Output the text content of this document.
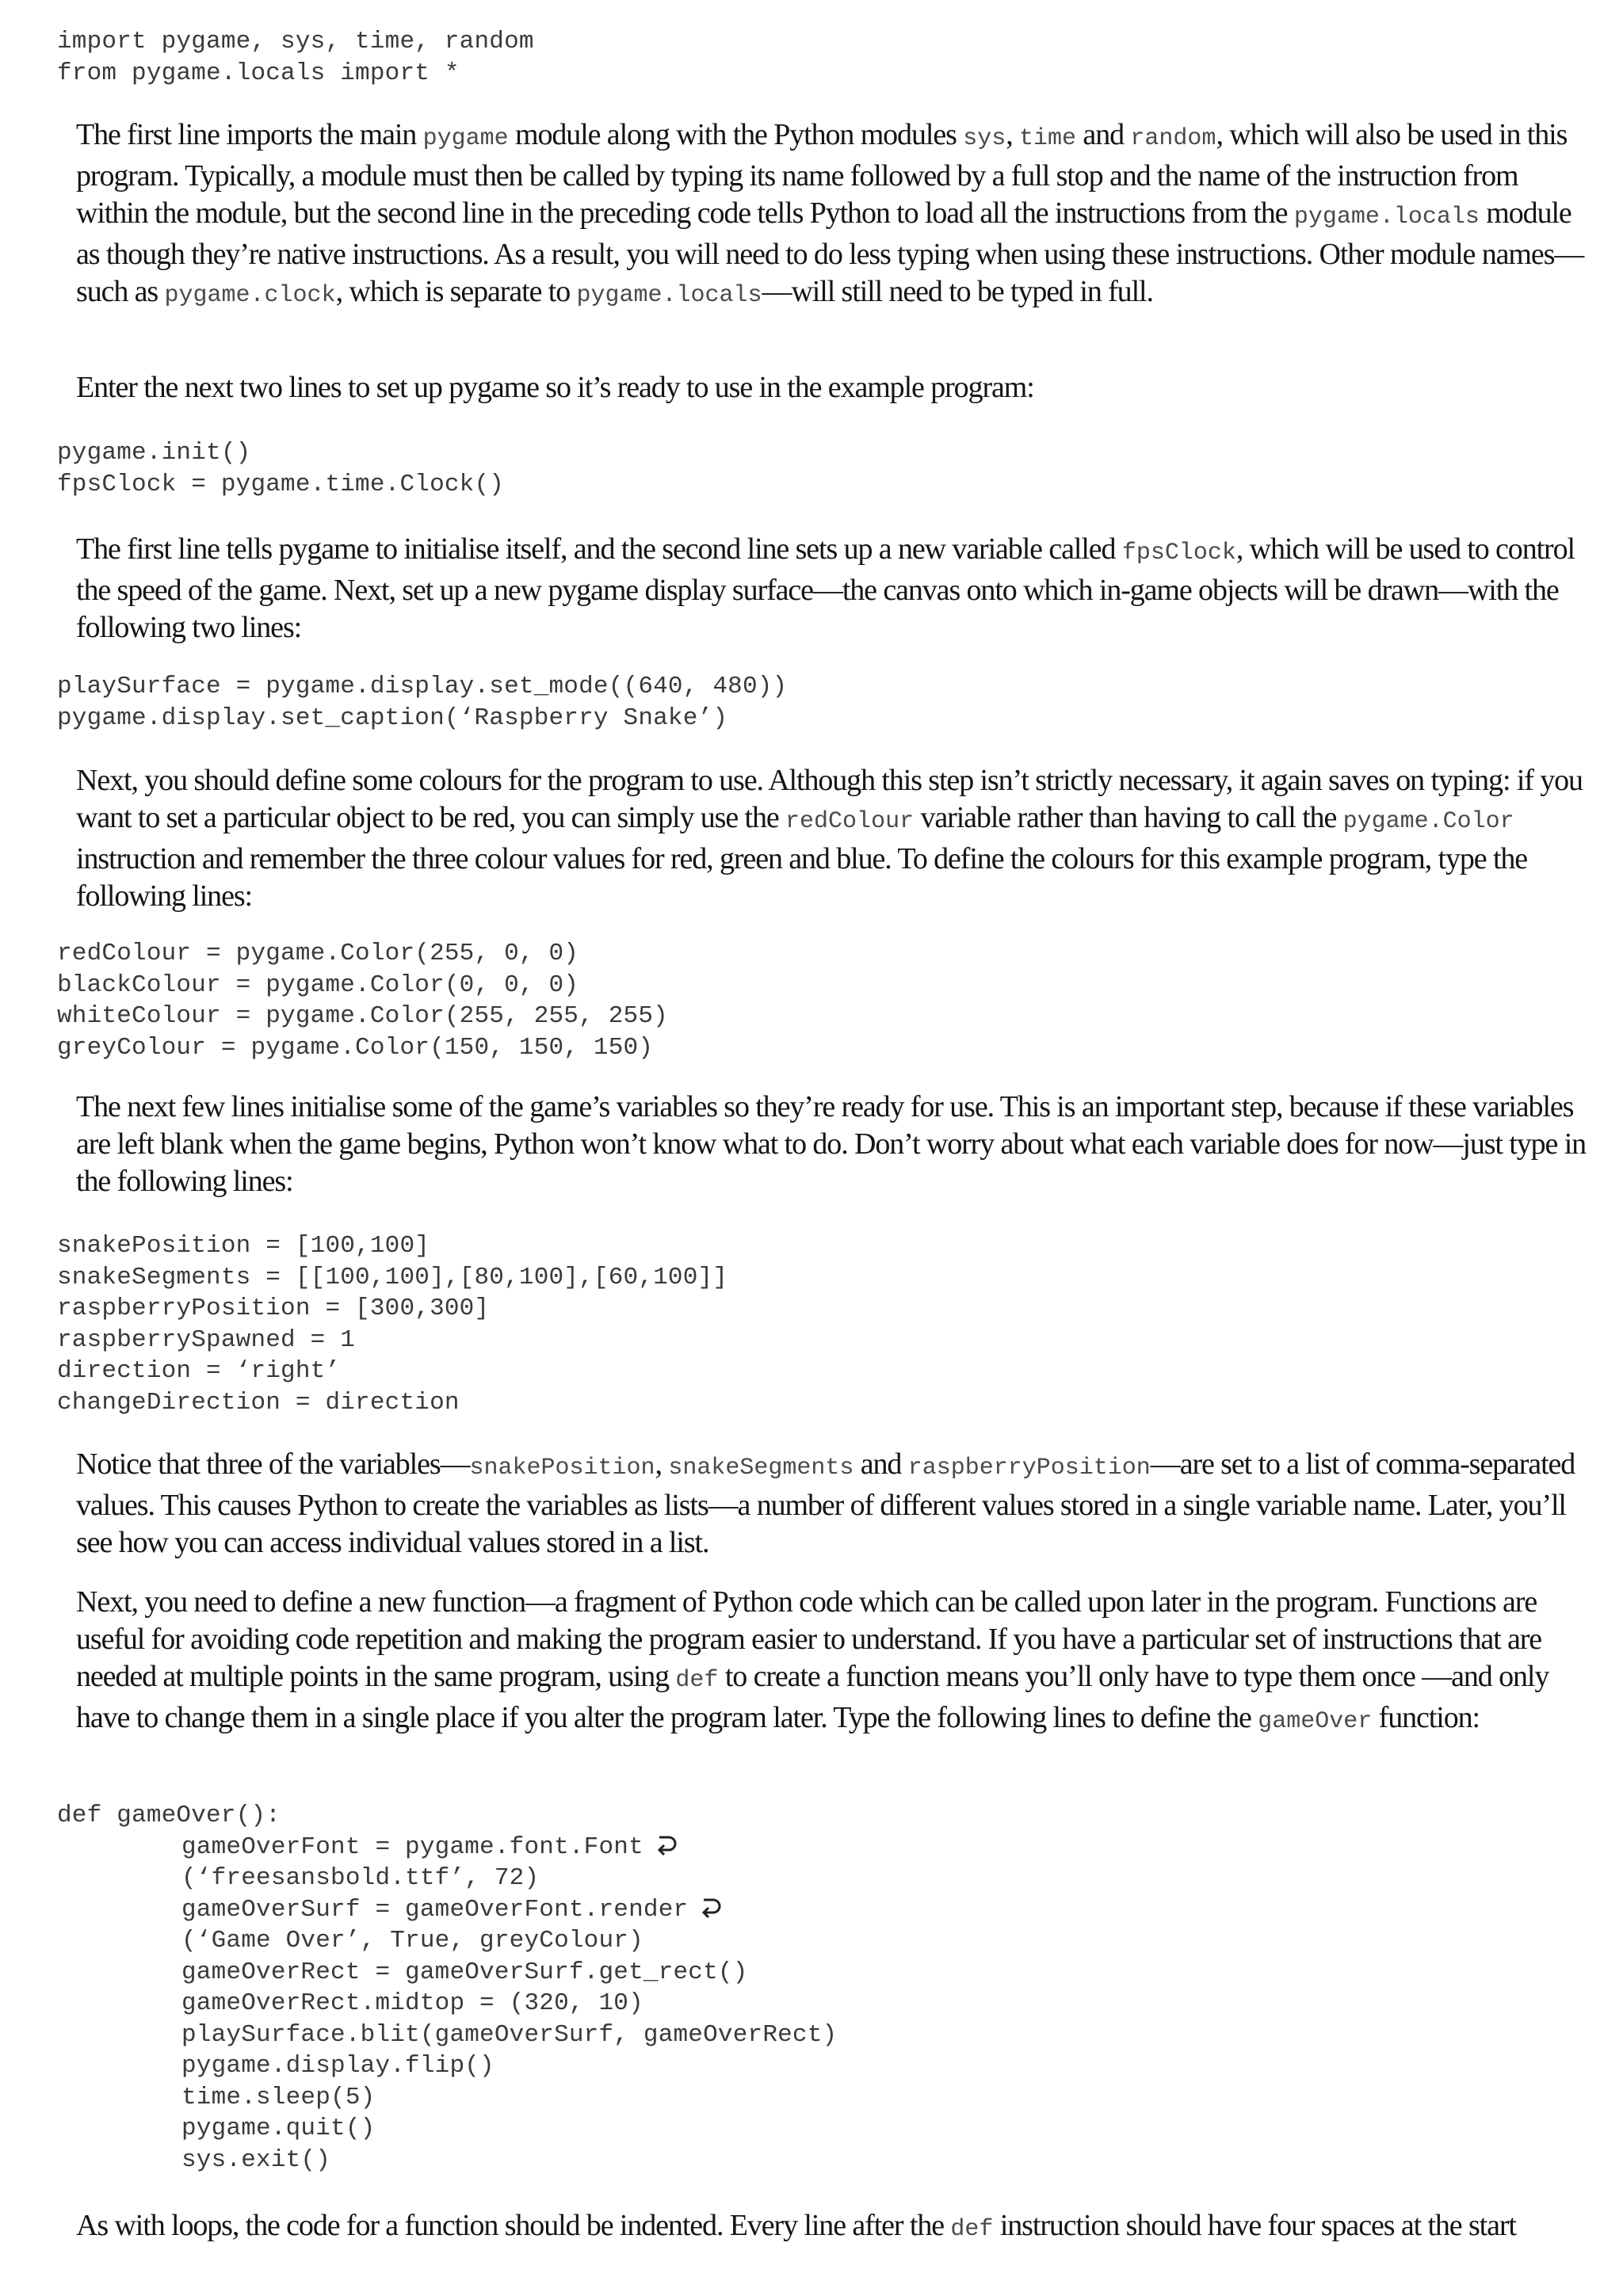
import pygame, sys, time, random
from pygame.locals import *

The first line imports the main pygame module along with the Python modules sys, time and random, which will also be used in this program. Typically, a module must then be called by typing its name followed by a full stop and the name of the instruction from within the module, but the second line in the preceding code tells Python to load all the instructions from the pygame.locals module as though they’re native instructions. As a result, you will need to do less typing when using these instructions. Other module names—such as pygame.clock, which is separate to pygame.locals—will still need to be typed in full.

Enter the next two lines to set up pygame so it’s ready to use in the example program:

pygame.init()
fpsClock = pygame.time.Clock()

The first line tells pygame to initialise itself, and the second line sets up a new variable called fpsClock, which will be used to control the speed of the game. Next, set up a new pygame display surface—the canvas onto which in-game objects will be drawn—with the following two lines:

playSurface = pygame.display.set_mode((640, 480))
pygame.display.set_caption(‘Raspberry Snake’)

Next, you should define some colours for the program to use. Although this step isn’t strictly necessary, it again saves on typing: if you want to set a particular object to be red, you can simply use the redColour variable rather than having to call the pygame.Color instruction and remember the three colour values for red, green and blue. To define the colours for this example program, type the following lines:

redColour = pygame.Color(255, 0, 0)
blackColour = pygame.Color(0, 0, 0)
whiteColour = pygame.Color(255, 255, 255)
greyColour = pygame.Color(150, 150, 150)

The next few lines initialise some of the game’s variables so they’re ready for use. This is an important step, because if these variables are left blank when the game begins, Python won’t know what to do. Don’t worry about what each variable does for now—just type in the following lines:

snakePosition = [100,100]
snakeSegments = [[100,100],[80,100],[60,100]]
raspberryPosition = [300,300]
raspberrySpawned = 1
direction = ‘right’
changeDirection = direction

Notice that three of the variables—snakePosition, snakeSegments and raspberryPosition—are set to a list of comma-separated values. This causes Python to create the variables as lists—a number of different values stored in a single variable name. Later, you’ll see how you can access individual values stored in a list.

Next, you need to define a new function—a fragment of Python code which can be called upon later in the program. Functions are useful for avoiding code repetition and making the program easier to understand. If you have a particular set of instructions that are needed at multiple points in the same program, using def to create a function means you’ll only have to type them once —and only have to change them in a single place if you alter the program later. Type the following lines to define the gameOver function:

def gameOver():
gameOverFont = pygame.font.Font
(‘freesansbold.ttf’, 72)
gameOverSurf = gameOverFont.render
(‘Game Over’, True, greyColour)
gameOverRect = gameOverSurf.get_rect()
gameOverRect.midtop = (320, 10)
playSurface.blit(gameOverSurf, gameOverRect)
pygame.display.flip()
time.sleep(5)
pygame.quit()
sys.exit()

As with loops, the code for a function should be indented. Every line after the def instruction should have four spaces at the start
